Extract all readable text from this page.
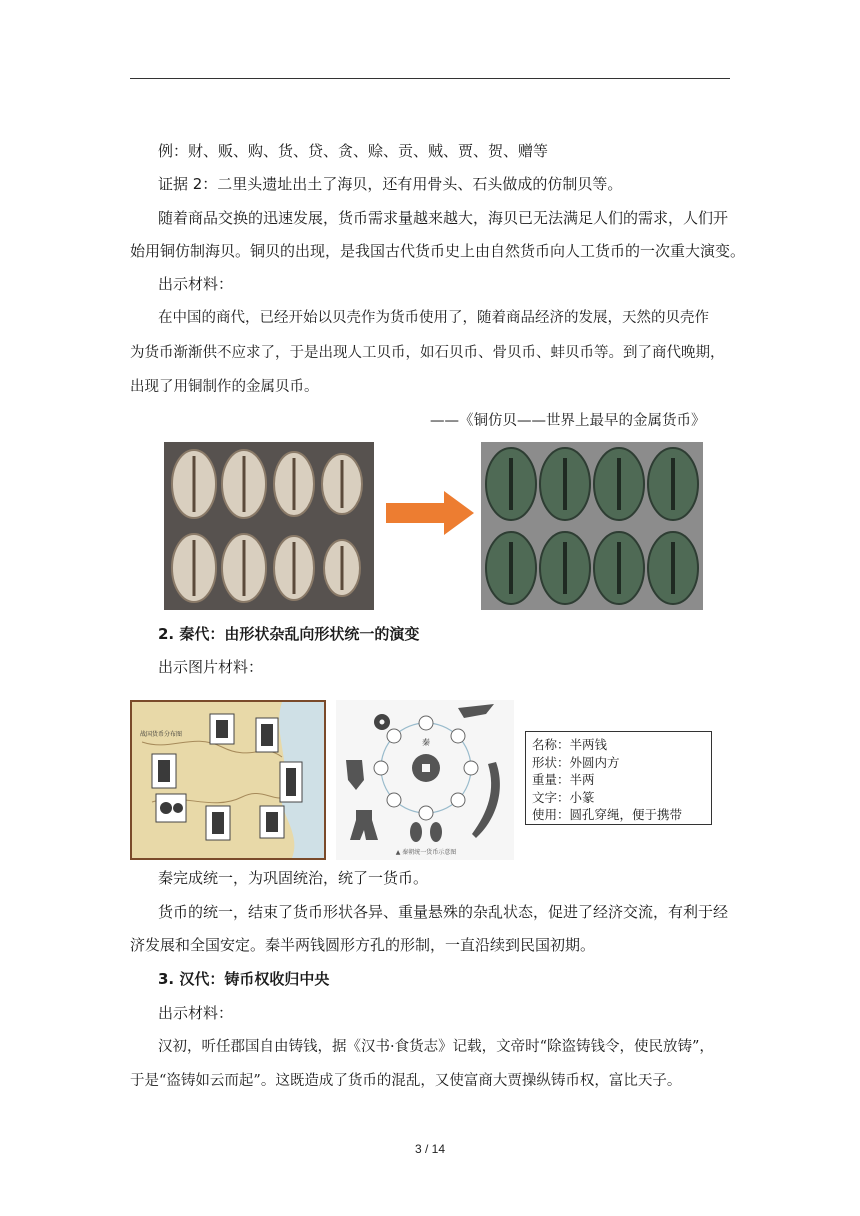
例：财、贩、购、货、贷、贪、赊、贡、贼、贾、贺、赠等
证据 2：二里头遗址出土了海贝，还有用骨头、石头做成的仿制贝等。
随着商品交换的迅速发展，货币需求量越来越大，海贝已无法满足人们的需求，人们开
始用铜仿制海贝。铜贝的出现，是我国古代货币史上由自然货币向人工货币的一次重大演变。
出示材料：
在中国的商代，已经开始以贝壳作为货币使用了，随着商品经济的发展，天然的贝壳作
为货币渐渐供不应求了，于是出现人工贝币，如石贝币、骨贝币、蚌贝币等。到了商代晚期，
出现了用铜制作的金属贝币。
——《铜仿贝——世界上最早的金属货币》
2. 秦代：由形状杂乱向形状统一的演变
出示图片材料：
战国货币分布图
秦
▲ 秦朝统一货币示意图
名称：半两钱
形状：外圆内方
重量：半两
文字：小篆
使用：圆孔穿绳，便于携带
秦完成统一，为巩固统治，统了一货币。
货币的统一，结束了货币形状各异、重量悬殊的杂乱状态，促进了经济交流，有利于经
济发展和全国安定。秦半两钱圆形方孔的形制，一直沿续到民国初期。
3. 汉代：铸币权收归中央
出示材料：
汉初，听任郡国自由铸钱，据《汉书·食货志》记载，文帝时“除盗铸钱令，使民放铸”，
于是“盗铸如云而起”。这既造成了货币的混乱，又使富商大贾操纵铸币权，富比天子。
3 / 14
